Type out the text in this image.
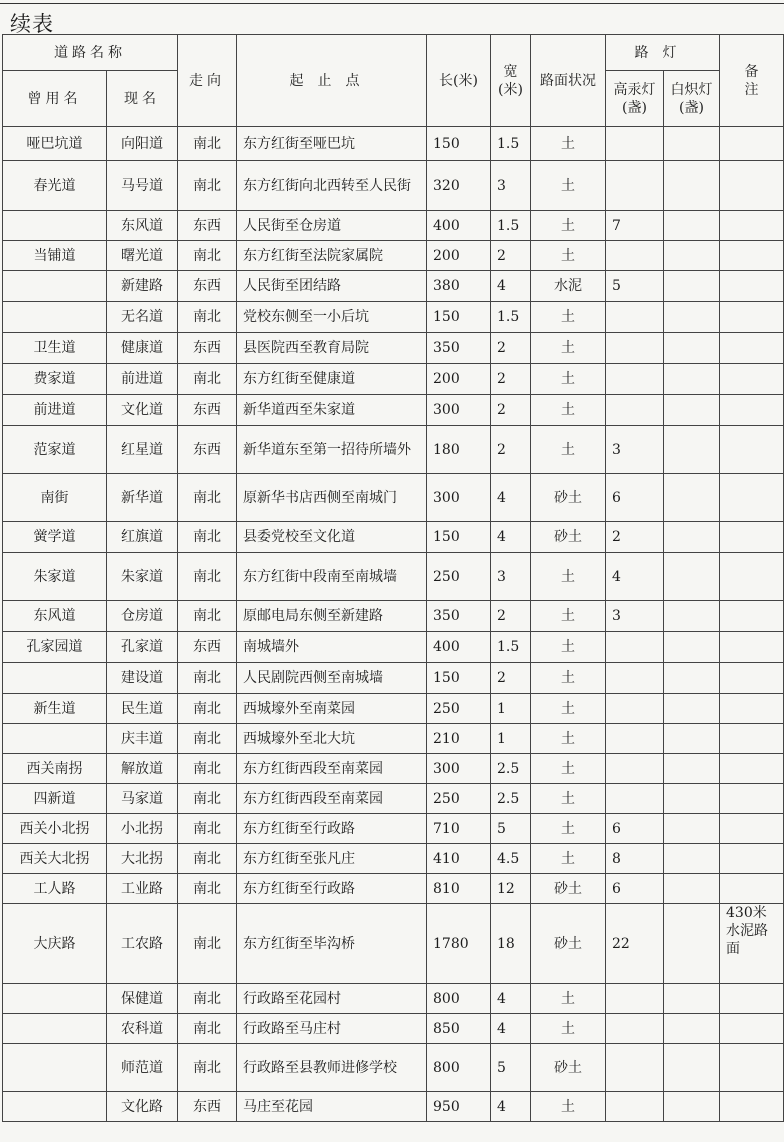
续表
道路名称		走向	起止点	长(米)	宽(米)	路面状况	路灯		备注
曾用名	现名						高汞灯(盏)	白炽灯(盏)	
哑巴坑道	向阳道	南北	东方红街至哑巴坑	150	1.5	土			
春光道	马号道	南北	东方红街向北西转至人民街	320	3	土			
	东风道	东西	人民街至仓房道	400	1.5	土	7		
当铺道	曙光道	南北	东方红街至法院家属院	200	2	土			
	新建路	东西	人民街至团结路	380	4	水泥	5		
	无名道	南北	党校东侧至一小后坑	150	1.5	土			
卫生道	健康道	东西	县医院西至教育局院	350	2	土			
费家道	前进道	南北	东方红街至健康道	200	2	土			
前进道	文化道	东西	新华道西至朱家道	300	2	土			
范家道	红星道	东西	新华道东至第一招待所墙外	180	2	土	3		
南街	新华道	南北	原新华书店西侧至南城门	300	4	砂土	6		
黉学道	红旗道	南北	县委党校至文化道	150	4	砂土	2		
朱家道	朱家道	南北	东方红街中段南至南城墙	250	3	土	4		
东风道	仓房道	南北	原邮电局东侧至新建路	350	2	土	3		
孔家园道	孔家道	东西	南城墙外	400	1.5	土			
	建设道	南北	人民剧院西侧至南城墙	150	2	土			
新生道	民生道	南北	西城壕外至南菜园	250	1	土			
	庆丰道	南北	西城壕外至北大坑	210	1	土			
西关南拐	解放道	南北	东方红街西段至南菜园	300	2.5	土			
四新道	马家道	南北	东方红街西段至南菜园	250	2.5	土			
西关小北拐	小北拐	南北	东方红街至行政路	710	5	土	6		
西关大北拐	大北拐	南北	东方红街至张凡庄	410	4.5	土	8		
工人路	工业路	南北	东方红街至行政路	810	12	砂土	6		
大庆路	工农路	南北	东方红街至毕沟桥	1780	18	砂土	22		430米水泥路面
	保健道	南北	行政路至花园村	800	4	土			
	农科道	南北	行政路至马庄村	850	4	土			
	师范道	南北	行政路至县教师进修学校	800	5	砂土			
	文化路	东西	马庄至花园	950	4	土			
